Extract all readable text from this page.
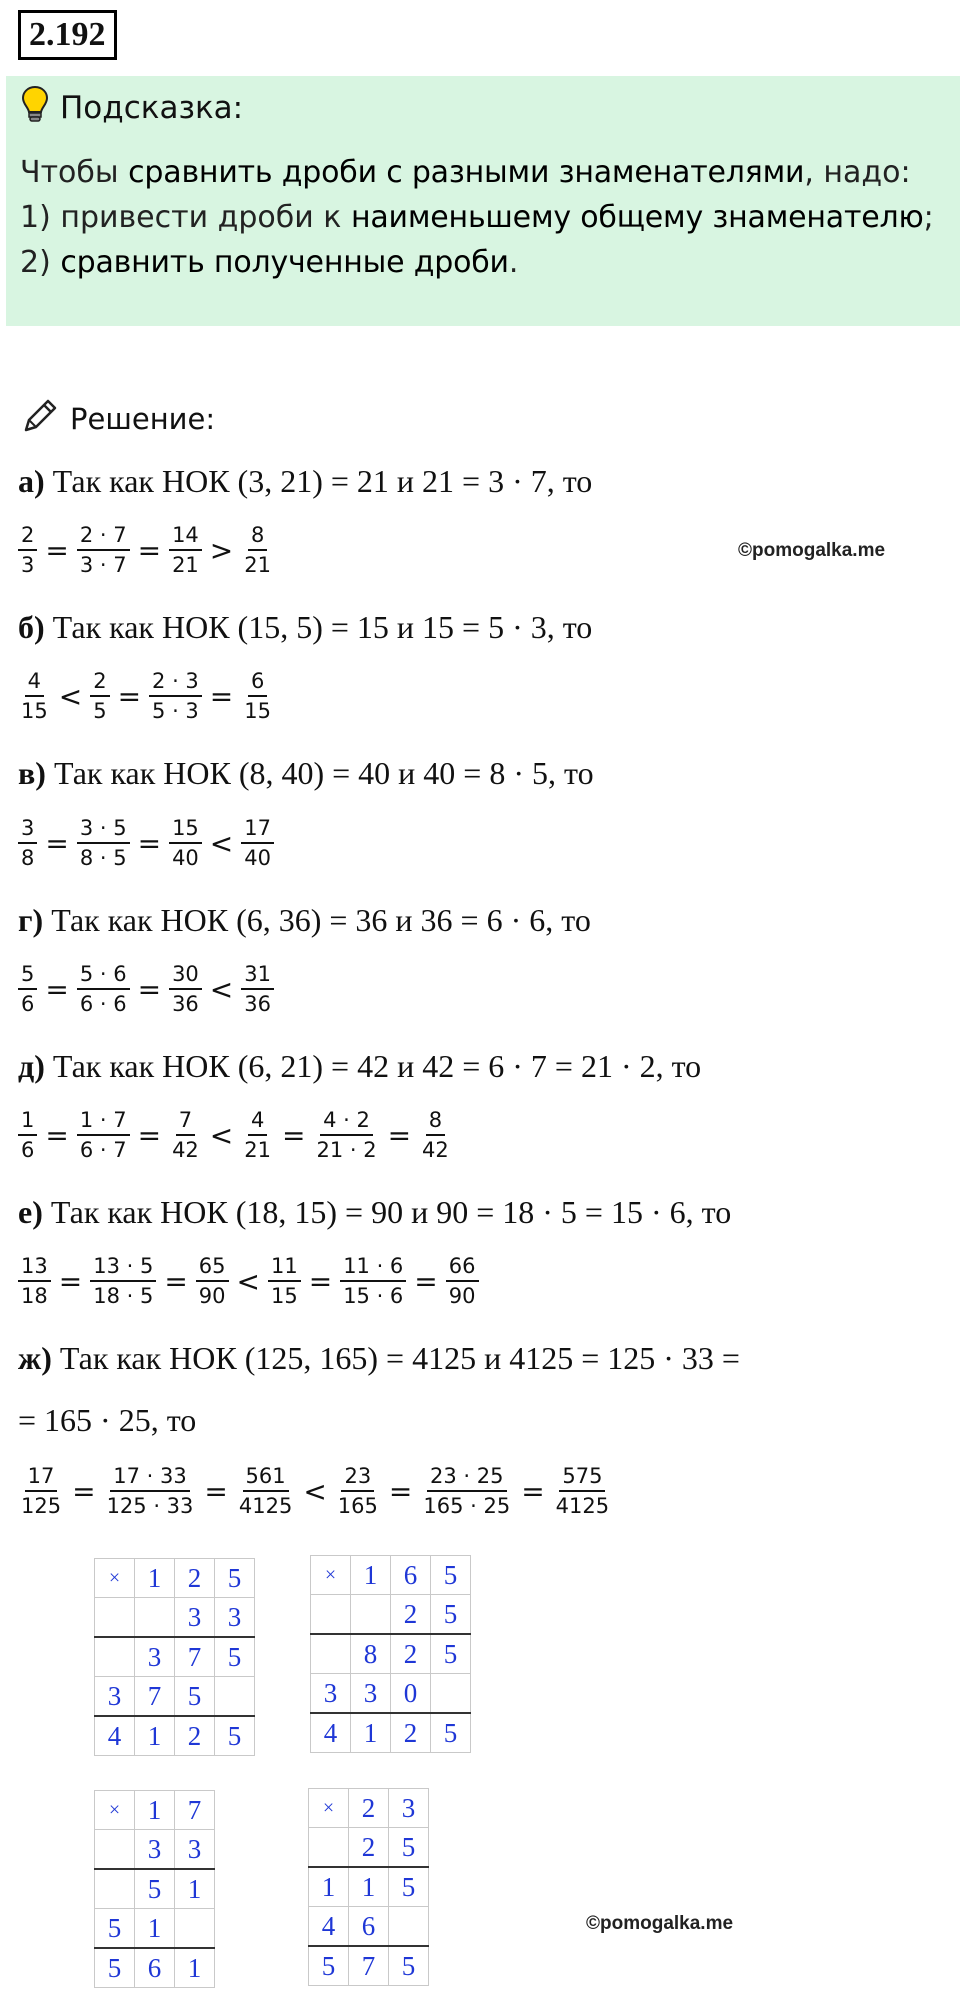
2.192
Подсказка:
Чтобы сравнить дроби с разными знаменателями, надо:
1) привести дроби к наименьшему общему знаменателю;
2) сравнить полученные дроби.
Решение:
а) Так как НОК (3, 21) = 21 и 21 = 3 · 7, то
$\frac{2}{3} = \frac{2 \cdot 7}{3 \cdot 7} = \frac{14}{21} > \frac{8}{21}$
б) Так как НОК (15, 5) = 15 и 15 = 5 · 3, то
$\frac{4}{15} < \frac{2}{5} = \frac{2 \cdot 3}{5 \cdot 3} = \frac{6}{15}$
в) Так как НОК (8, 40) = 40 и 40 = 8 · 5, то
$\frac{3}{8} = \frac{3 \cdot 5}{8 \cdot 5} = \frac{15}{40} < \frac{17}{40}$
г) Так как НОК (6, 36) = 36 и 36 = 6 · 6, то
$\frac{5}{6} = \frac{5 \cdot 6}{6 \cdot 6} = \frac{30}{36} < \frac{31}{36}$
д) Так как НОК (6, 21) = 42 и 42 = 6 · 7 = 21 · 2, то
$\frac{1}{6} = \frac{1 \cdot 7}{6 \cdot 7} = \frac{7}{42} < \frac{4}{21} = \frac{4 \cdot 2}{21 \cdot 2} = \frac{8}{42}$
е) Так как НОК (18, 15) = 90 и 90 = 18 · 5 = 15 · 6, то
$\frac{13}{18} = \frac{13 \cdot 5}{18 \cdot 5} = \frac{65}{90} < \frac{11}{15} = \frac{11 \cdot 6}{15 \cdot 6} = \frac{66}{90}$
ж) Так как НОК (125, 165) = 4125 и 4125 = 125 · 33 =
= 165 · 25, то
$\frac{17}{125} = \frac{17 \cdot 33}{125 \cdot 33} = \frac{561}{4125} < \frac{23}{165} = \frac{23 \cdot 25}{165 \cdot 25} = \frac{575}{4125}$
©pomogalka.me
©pomogalka.me
×	1	2	5
		3	3
	3	7	5
3	7	5	
4	1	2	5
×	1	6	5
		2	5
	8	2	5
3	3	0	
4	1	2	5
×	1	7
	3	3
	5	1
5	1	
5	6	1
×	2	3
	2	5
1	1	5
4	6	
5	7	5
